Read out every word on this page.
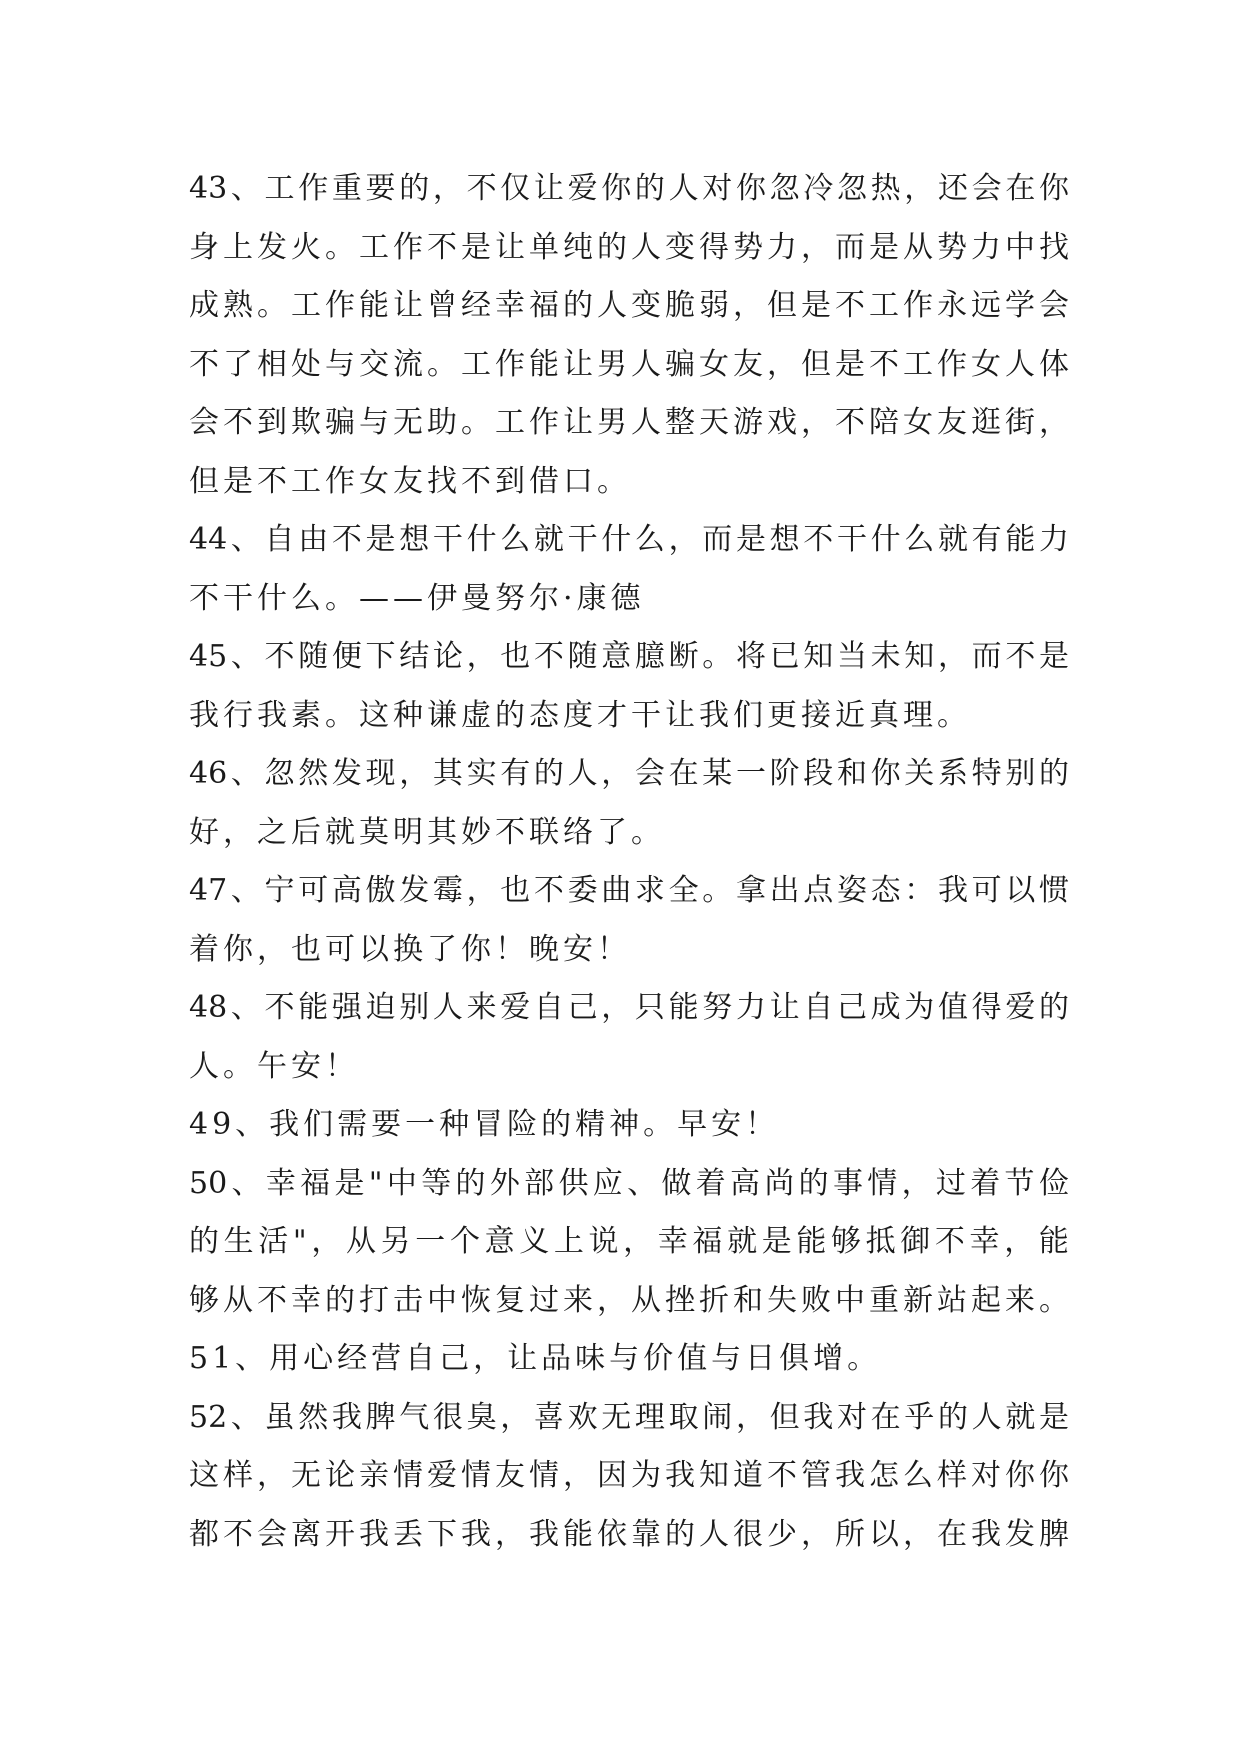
43 、 工 作 重 要 的 ， 不 仅 让 爱 你 的 人 对 你 忽 冷 忽 热 ， 还 会 在 你
身 上 发 火 。 工 作 不 是 让 单 纯 的 人 变 得 势 力 ， 而 是 从 势 力 中 找
成 熟 。 工 作 能 让 曾 经 幸 福 的 人 变 脆 弱 ， 但 是 不 工 作 永 远 学 会
不 了 相 处 与 交 流 。 工 作 能 让 男 人 骗 女 友 ， 但 是 不 工 作 女 人 体
会 不 到 欺 骗 与 无 助 。 工 作 让 男 人 整 天 游 戏 ， 不 陪 女 友 逛 街 ，
但是不工作女友找不到借口。
44 、 自 由 不 是 想 干 什 么 就 干 什 么 ， 而 是 想 不 干 什 么 就 有 能 力
不干什么。——伊曼努尔·康德
45 、 不 随 便 下 结 论 ， 也 不 随 意 臆 断 。 将 已 知 当 未 知 ， 而 不 是
我行我素。这种谦虚的态度才干让我们更接近真理。
46 、 忽 然 发 现 ， 其 实 有 的 人 ， 会 在 某 一 阶 段 和 你 关 系 特 别 的
好，之后就莫明其妙不联络了。
47 、 宁 可 高 傲 发 霉 ， 也 不 委 曲 求 全 。 拿 出 点 姿 态 ： 我 可 以 惯
着你，也可以换了你！晚安！
48 、 不 能 强 迫 别 人 来 爱 自 己 ， 只 能 努 力 让 自 己 成 为 值 得 爱 的
人。午安！
49、我们需要一种冒险的精神。早安！
50 、 幸 福 是 " 中 等 的 外 部 供 应 、 做 着 高 尚 的 事 情 ， 过 着 节 俭
的 生 活 " ， 从 另 一 个 意 义 上 说 ， 幸 福 就 是 能 够 抵 御 不 幸 ， 能
够 从 不 幸 的 打 击 中 恢 复 过 来 ， 从 挫 折 和 失 败 中 重 新 站 起 来 。
51、用心经营自己，让品味与价值与日俱增。
52 、 虽 然 我 脾 气 很 臭 ， 喜 欢 无 理 取 闹 ， 但 我 对 在 乎 的 人 就 是
这 样 ， 无 论 亲 情 爱 情 友 情 ， 因 为 我 知 道 不 管 我 怎 么 样 对 你 你
都 不 会 离 开 我 丢 下 我 ， 我 能 依 靠 的 人 很 少 ， 所 以 ， 在 我 发 脾
